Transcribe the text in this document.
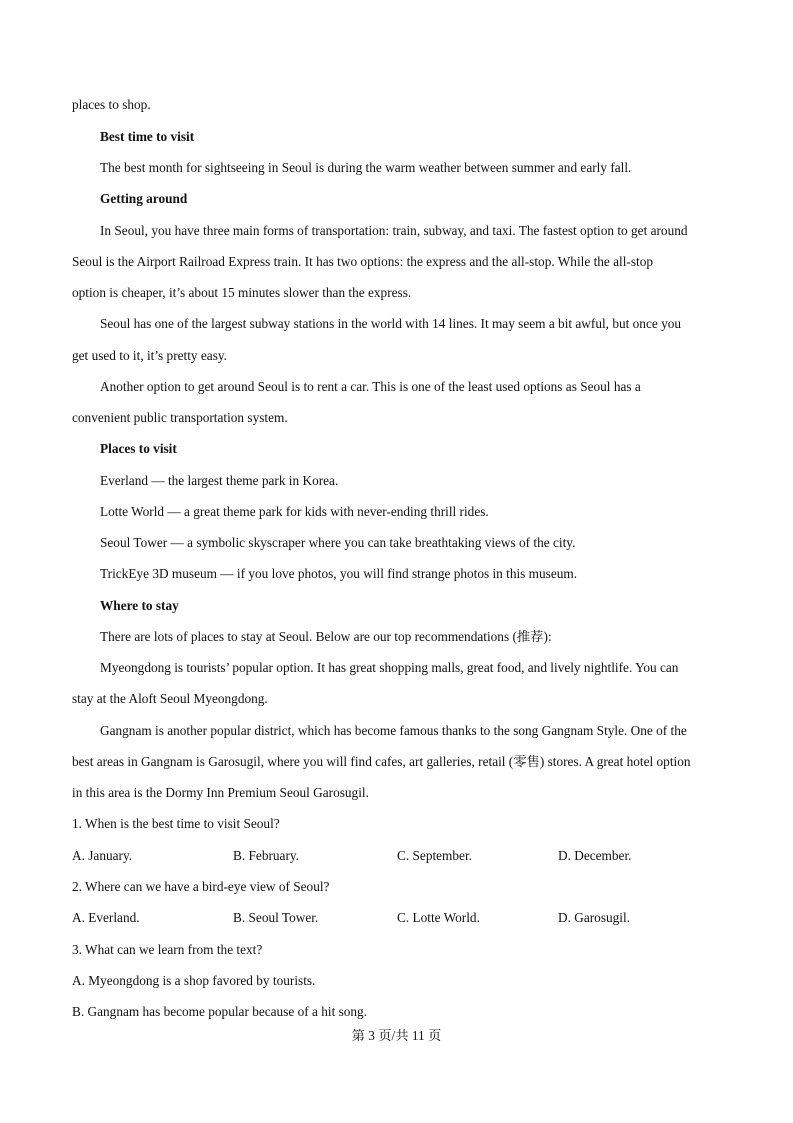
places to shop.
Best time to visit
The best month for sightseeing in Seoul is during the warm weather between summer and early fall.
Getting around
In Seoul, you have three main forms of transportation: train, subway, and taxi. The fastest option to get around
Seoul is the Airport Railroad Express train. It has two options: the express and the all-stop. While the all-stop
option is cheaper, it’s about 15 minutes slower than the express.
Seoul has one of the largest subway stations in the world with 14 lines. It may seem a bit awful, but once you
get used to it, it’s pretty easy.
Another option to get around Seoul is to rent a car. This is one of the least used options as Seoul has a
convenient public transportation system.
Places to visit
Everland — the largest theme park in Korea.
Lotte World — a great theme park for kids with never-ending thrill rides.
Seoul Tower — a symbolic skyscraper where you can take breathtaking views of the city.
TrickEye 3D museum — if you love photos, you will find strange photos in this museum.
Where to stay
There are lots of places to stay at Seoul. Below are our top recommendations (推荐):
Myeongdong is tourists’ popular option. It has great shopping malls, great food, and lively nightlife. You can
stay at the Aloft Seoul Myeongdong.
Gangnam is another popular district, which has become famous thanks to the song Gangnam Style. One of the
best areas in Gangnam is Garosugil, where you will find cafes, art galleries, retail (零售) stores. A great hotel option
in this area is the Dormy Inn Premium Seoul Garosugil.
1. When is the best time to visit Seoul?
A. January.	B. February.	C. September.	D. December.
2. Where can we have a bird-eye view of Seoul?
A. Everland.	B. Seoul Tower.	C. Lotte World.	D. Garosugil.
3. What can we learn from the text?
A. Myeongdong is a shop favored by tourists.
B. Gangnam has become popular because of a hit song.
第 3 页/共 11 页
